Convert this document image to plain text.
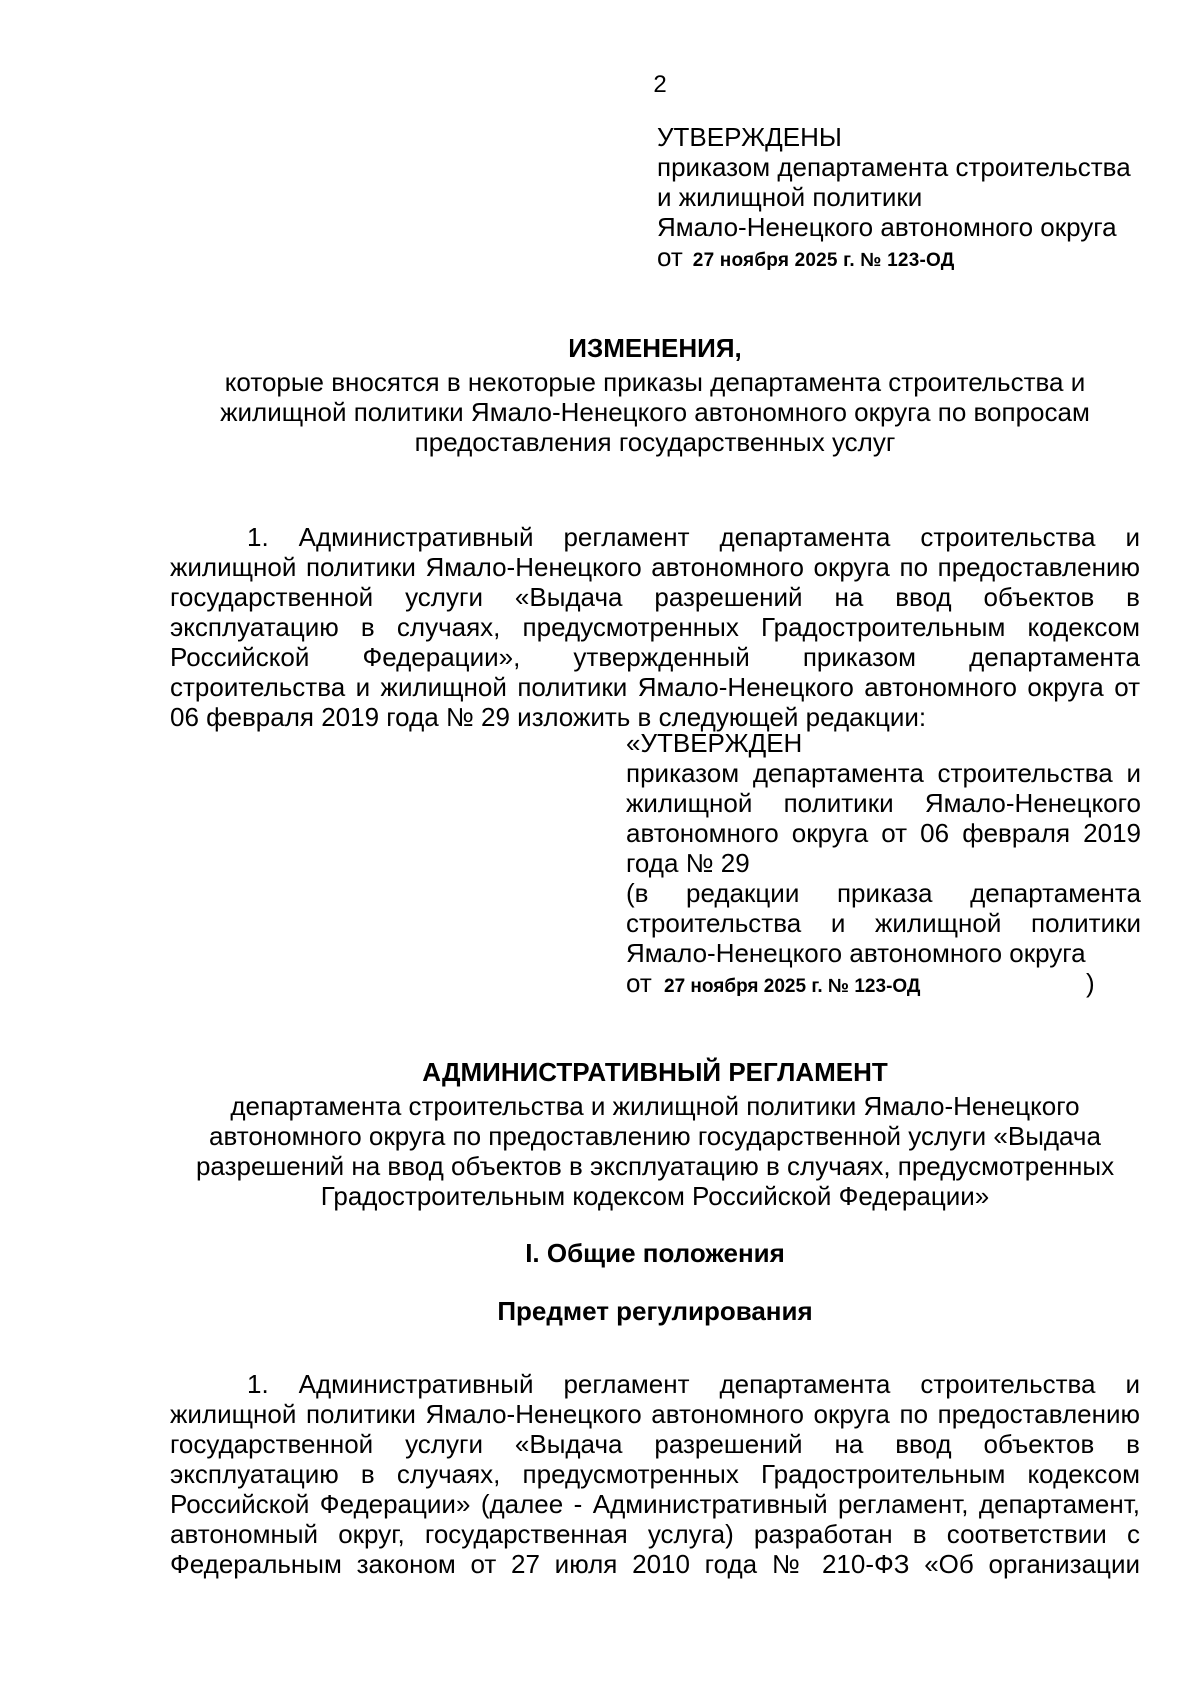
2
УТВЕРЖДЕНЫ
приказом департамента строительства
и жилищной политики
Ямало-Ненецкого автономного округа
от 27 ноября 2025 г. № 123-ОД
ИЗМЕНЕНИЯ,
которые вносятся в некоторые приказы департамента строительства и
жилищной политики Ямало-Ненецкого автономного округа по вопросам
предоставления государственных услуг
1. Административный регламент департамента строительства и
жилищной политики Ямало-Ненецкого автономного округа по предоставлению
государственной услуги «Выдача разрешений на ввод объектов в
эксплуатацию в случаях, предусмотренных Градостроительным кодексом
Российской Федерации», утвержденный приказом департамента
строительства и жилищной политики Ямало-Ненецкого автономного округа от
06 февраля 2019 года № 29 изложить в следующей редакции:
«УТВЕРЖДЕН
приказом департамента строительства и
жилищной политики Ямало-Ненецкого
автономного округа от 06 февраля 2019
года № 29
(в редакции приказа департамента
строительства и жилищной политики
Ямало-Ненецкого автономного округа
от 27 ноября 2025 г. № 123-ОД	)
АДМИНИСТРАТИВНЫЙ РЕГЛАМЕНТ
департамента строительства и жилищной политики Ямало-Ненецкого
автономного округа по предоставлению государственной услуги «Выдача
разрешений на ввод объектов в эксплуатацию в случаях, предусмотренных
Градостроительным кодексом Российской Федерации»
I. Общие положения
Предмет регулирования
1. Административный регламент департамента строительства и
жилищной политики Ямало-Ненецкого автономного округа по предоставлению
государственной услуги «Выдача разрешений на ввод объектов в
эксплуатацию в случаях, предусмотренных Градостроительным кодексом
Российской Федерации» (далее - Административный регламент, департамент,
автономный округ, государственная услуга) разработан в соответствии с
Федеральным законом от 27 июля 2010 года № 210-ФЗ «Об организации
